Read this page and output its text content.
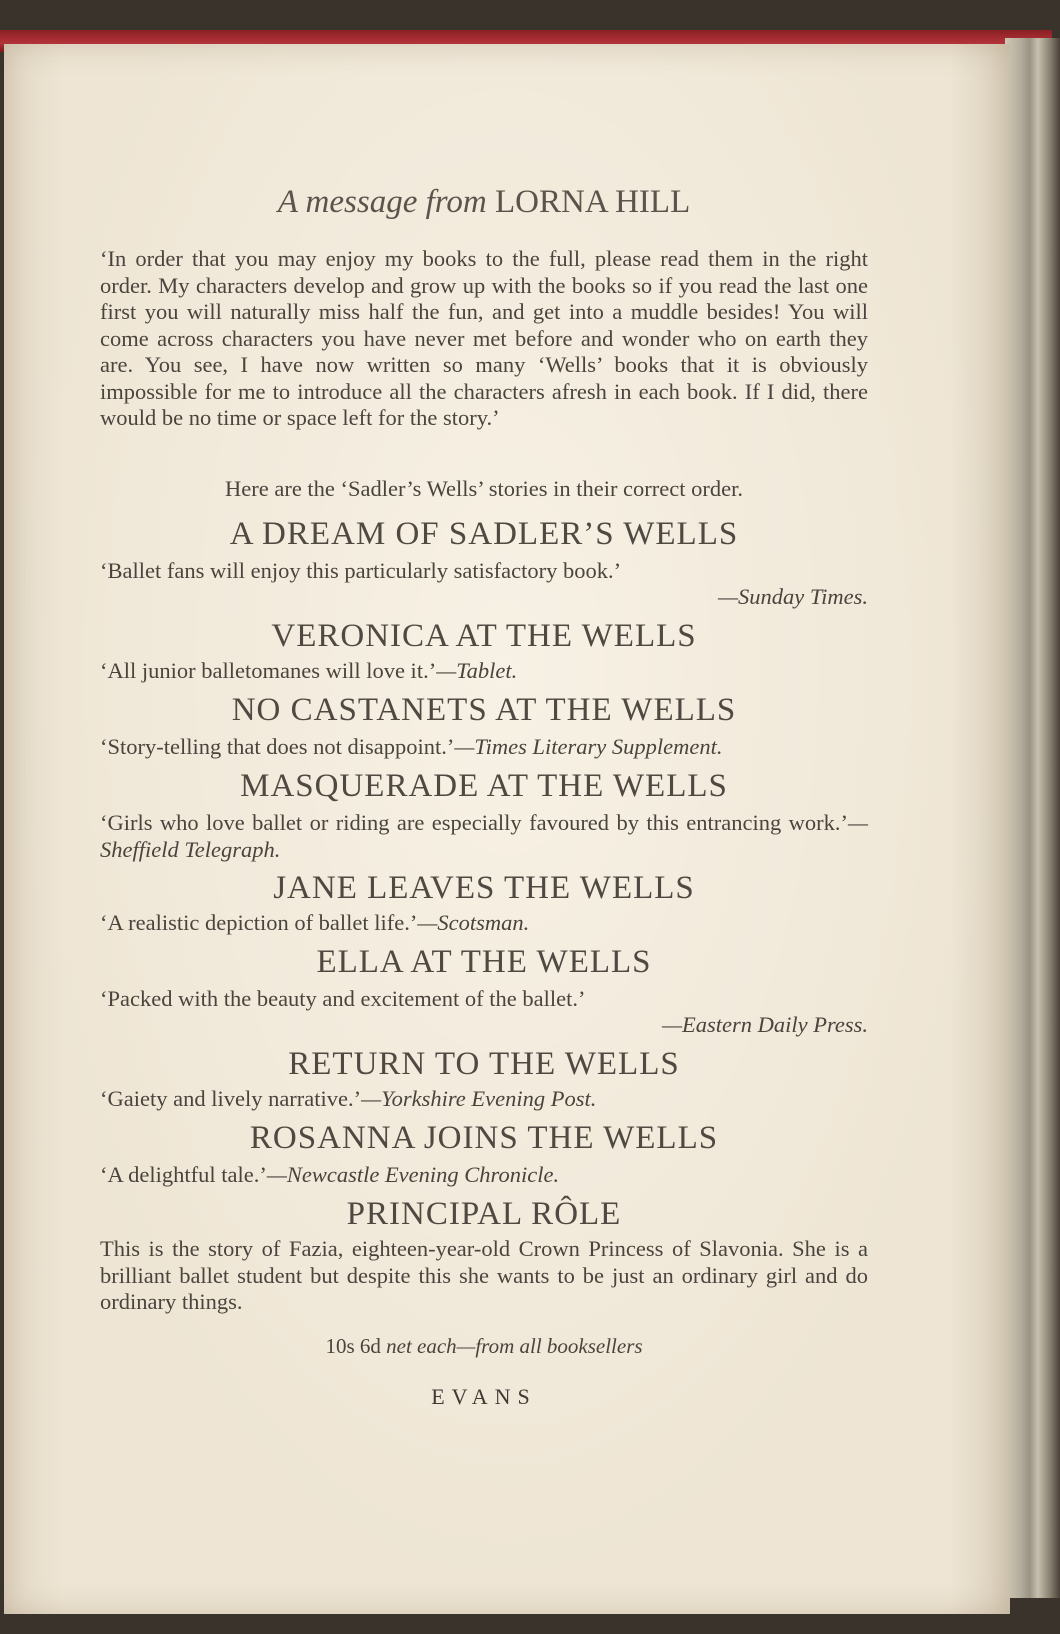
A message from LORNA HILL
‘In order that you may enjoy my books to the full, please read them in the right order. My characters develop and grow up with the books so if you read the last one first you will naturally miss half the fun, and get into a muddle besides! You will come across characters you have never met before and wonder who on earth they are. You see, I have now written so many ‘Wells’ books that it is obviously impossible for me to introduce all the characters afresh in each book. If I did, there would be no time or space left for the story.’
Here are the ‘Sadler’s Wells’ stories in their correct order.
A DREAM OF SADLER’S WELLS
‘Ballet fans will enjoy this particularly satisfactory book.’
—Sunday Times.
VERONICA AT THE WELLS
‘All junior balletomanes will love it.’—Tablet.
NO CASTANETS AT THE WELLS
‘Story-telling that does not disappoint.’—Times Literary Supplement.
MASQUERADE AT THE WELLS
‘Girls who love ballet or riding are especially favoured by this entrancing work.’—Sheffield Telegraph.
JANE LEAVES THE WELLS
‘A realistic depiction of ballet life.’—Scotsman.
ELLA AT THE WELLS
‘Packed with the beauty and excitement of the ballet.’
—Eastern Daily Press.
RETURN TO THE WELLS
‘Gaiety and lively narrative.’—Yorkshire Evening Post.
ROSANNA JOINS THE WELLS
‘A delightful tale.’—Newcastle Evening Chronicle.
PRINCIPAL RÔLE
This is the story of Fazia, eighteen-year-old Crown Princess of Slavonia. She is a brilliant ballet student but despite this she wants to be just an ordinary girl and do ordinary things.
10s 6d net each—from all booksellers
EVANS
